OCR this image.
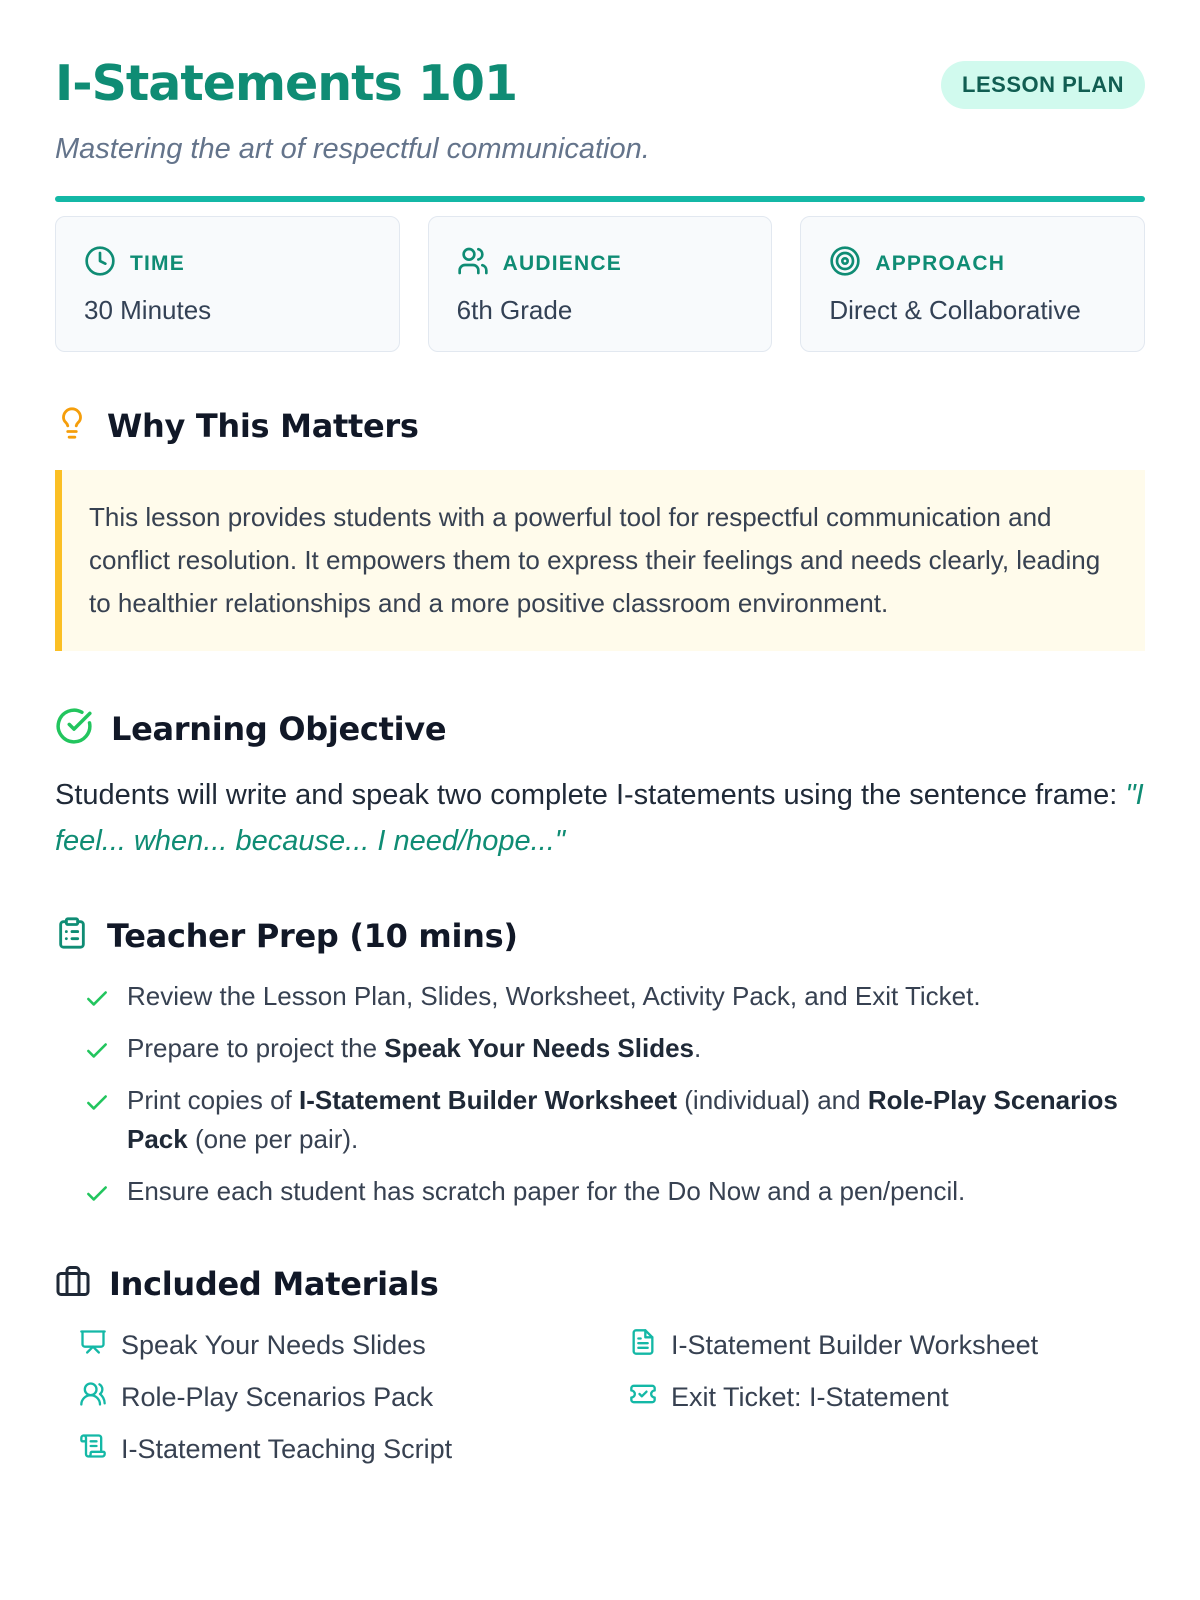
I-Statements 101	LESSON PLAN

Mastering the art of respectful communication.

TIME
30 Minutes
AUDIENCE
6th Grade
APPROACH
Direct & Collaborative
Why This Matters
This lesson provides students with a powerful tool for respectful communication and conflict resolution. It empowers them to express their feelings and needs clearly, leading to healthier relationships and a more positive classroom environment.
Learning Objective

Students will write and speak two complete I-statements using the sentence frame: "I feel... when... because... I need/hope..."

Teacher Prep (10 mins)
Review the Lesson Plan, Slides, Worksheet, Activity Pack, and Exit Ticket.
Prepare to project the Speak Your Needs Slides.
Print copies of I-Statement Builder Worksheet (individual) and Role-Play Scenarios Pack (one per pair).
Ensure each student has scratch paper for the Do Now and a pen/pencil.
Included Materials
Speak Your Needs Slides	I-Statement Builder Worksheet
Role-Play Scenarios Pack	Exit Ticket: I-Statement
I-Statement Teaching Script
